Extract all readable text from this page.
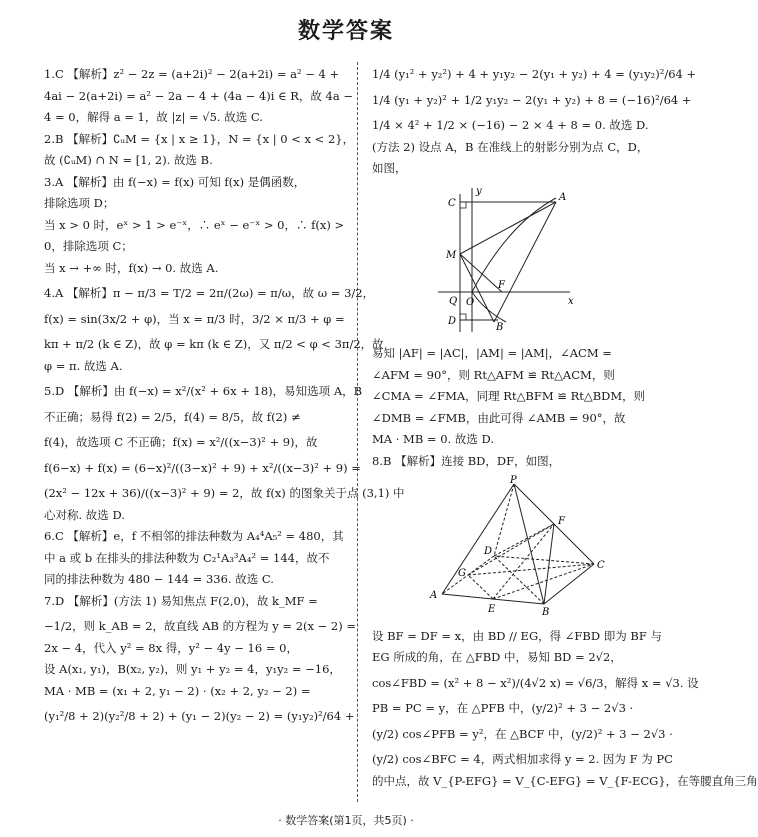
数学答案
1.C 【解析】z² − 2z = (a+2i)² − 2(a+2i) = a² − 4 +
4ai − 2(a+2i) = a² − 2a − 4 + (4a − 4)i ∈ R，故 4a −
4 = 0，解得 a = 1，故 |z| = √5. 故选 C.
2.B 【解析】∁ᵤM = {x | x ≥ 1}，N = {x | 0 < x < 2}，
故 (∁ᵤM) ∩ N = [1, 2). 故选 B.
3.A 【解析】由 f(−x) = f(x) 可知 f(x) 是偶函数，
排除选项 D；
当 x > 0 时，eˣ > 1 > e⁻ˣ，∴ eˣ − e⁻ˣ > 0，∴ f(x) >
0，排除选项 C；
当 x → +∞ 时，f(x) → 0. 故选 A.
4.A 【解析】π − π/3 = T/2 = 2π/(2ω) = π/ω，故 ω = 3/2，
f(x) = sin(3x/2 + φ)，当 x = π/3 时，3/2 × π/3 + φ =
kπ + π/2 (k ∈ Z)，故 φ = kπ (k ∈ Z)，又 π/2 < φ < 3π/2，故
φ = π. 故选 A.
5.D 【解析】由 f(−x) = x²/(x² + 6x + 18)，易知选项 A，B
不正确；易得 f(2) = 2/5，f(4) = 8/5，故 f(2) ≠
f(4)，故选项 C 不正确；f(x) = x²/((x−3)² + 9)，故
f(6−x) + f(x) = (6−x)²/((3−x)² + 9) + x²/((x−3)² + 9) =
(2x² − 12x + 36)/((x−3)² + 9) = 2，故 f(x) 的图象关于点 (3,1) 中
心对称. 故选 D.
6.C 【解析】e，f 不相邻的排法种数为 A₄⁴A₅² = 480，其
中 a 或 b 在排头的排法种数为 C₂¹A₃³A₄² = 144，故不
同的排法种数为 480 − 144 = 336. 故选 C.
7.D 【解析】(方法 1) 易知焦点 F(2,0)，故 k_MF =
−1/2，则 k_AB = 2，故直线 AB 的方程为 y = 2(x − 2) =
2x − 4，代入 y² = 8x 得，y² − 4y − 16 = 0，
设 A(x₁, y₁)，B(x₂, y₂)，则 y₁ + y₂ = 4，y₁y₂ = −16，
MA · MB = (x₁ + 2, y₁ − 2) · (x₂ + 2, y₂ − 2) =
(y₁²/8 + 2)(y₂²/8 + 2) + (y₁ − 2)(y₂ − 2) = (y₁y₂)²/64 +
1/4 (y₁² + y₂²) + 4 + y₁y₂ − 2(y₁ + y₂) + 4 = (y₁y₂)²/64 +
1/4 (y₁ + y₂)² + 1/2 y₁y₂ − 2(y₁ + y₂) + 8 = (−16)²/64 +
1/4 × 4² + 1/2 × (−16) − 2 × 4 + 8 = 0. 故选 D.
(方法 2) 设点 A，B 在准线上的射影分别为点 C，D，
如图，
C
A
y
M
Q O
F
x
D
B
易知 |AF| = |AC|，|AM| = |AM|，∠ACM =
∠AFM = 90°，则 Rt△AFM ≌ Rt△ACM，则
∠CMA = ∠FMA，同理 Rt△BFM ≌ Rt△BDM，则
∠DMB = ∠FMB，由此可得 ∠AMB = 90°，故
MA · MB = 0. 故选 D.
8.B 【解析】连接 BD，DF，如图，
P
F
D
C
G
A
E	B
设 BF = DF = x，由 BD // EG，得 ∠FBD 即为 BF 与
EG 所成的角，在 △FBD 中，易知 BD = 2√2，
cos∠FBD = (x² + 8 − x²)/(4√2 x) = √6/3，解得 x = √3. 设
PB = PC = y，在 △PFB 中，(y/2)² + 3 − 2√3 ·
(y/2) cos∠PFB = y²，在 △BCF 中，(y/2)² + 3 − 2√3 ·
(y/2) cos∠BFC = 4，两式相加求得 y = 2. 因为 F 为 PC
的中点，故 V_{P-EFG} = V_{C-EFG} = V_{F-ECG}，在等腰直角三角
· 数学答案(第1页，共5页) ·
